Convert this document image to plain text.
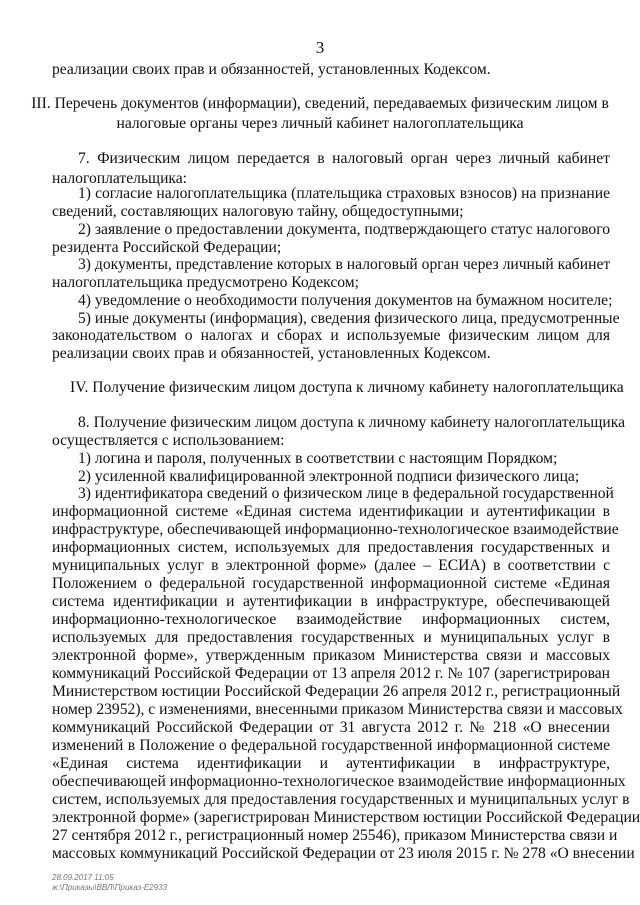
3
реализации своих прав и обязанностей, установленных Кодексом.
III. Перечень документов (информации), сведений, передаваемых физическим лицом в
налоговые органы через личный кабинет налогоплательщика
7. Физическим лицом передается в налоговый орган через личный кабинет
налогоплательщика:
1) согласие налогоплательщика (плательщика страховых взносов) на признание
сведений, составляющих налоговую тайну, общедоступными;
2) заявление о предоставлении документа, подтверждающего статус налогового
резидента Российской Федерации;
3) документы, представление которых в налоговый орган через личный кабинет
налогоплательщика предусмотрено Кодексом;
4) уведомление о необходимости получения документов на бумажном носителе;
5) иные документы (информация), сведения физического лица, предусмотренные
законодательством о налогах и сборах и используемые физическим лицом для
реализации своих прав и обязанностей, установленных Кодексом.
IV. Получение физическим лицом доступа к личному кабинету налогоплательщика
8. Получение физическим лицом доступа к личному кабинету налогоплательщика
осуществляется с использованием:
1) логина и пароля, полученных в соответствии с настоящим Порядком;
2) усиленной квалифицированной электронной подписи физического лица;
3) идентификатора сведений о физическом лице в федеральной государственной
информационной системе «Единая система идентификации и аутентификации в
инфраструктуре, обеспечивающей информационно-технологическое взаимодействие
информационных систем, используемых для предоставления государственных и
муниципальных услуг в электронной форме» (далее – ЕСИА) в соответствии с
Положением о федеральной государственной информационной системе «Единая
система идентификации и аутентификации в инфраструктуре, обеспечивающей
информационно-технологическое взаимодействие информационных систем,
используемых для предоставления государственных и муниципальных услуг в
электронной форме», утвержденным приказом Министерства связи и массовых
коммуникаций Российской Федерации от 13 апреля 2012 г. № 107 (зарегистрирован
Министерством юстиции Российской Федерации 26 апреля 2012 г., регистрационный
номер 23952), с изменениями, внесенными приказом Министерства связи и массовых
коммуникаций Российской Федерации от 31 августа 2012 г. № 218 «О внесении
изменений в Положение о федеральной государственной информационной системе
«Единая система идентификации и аутентификации в инфраструктуре,
обеспечивающей информационно-технологическое взаимодействие информационных
систем, используемых для предоставления государственных и муниципальных услуг в
электронной форме» (зарегистрирован Министерством юстиции Российской Федерации
27 сентября 2012 г., регистрационный номер 25546), приказом Министерства связи и
массовых коммуникаций Российской Федерации от 23 июля 2015 г. № 278 «О внесении
28.09.2017 11:05
ж:\Приказы\ВВЛ\Приказ-E2933
